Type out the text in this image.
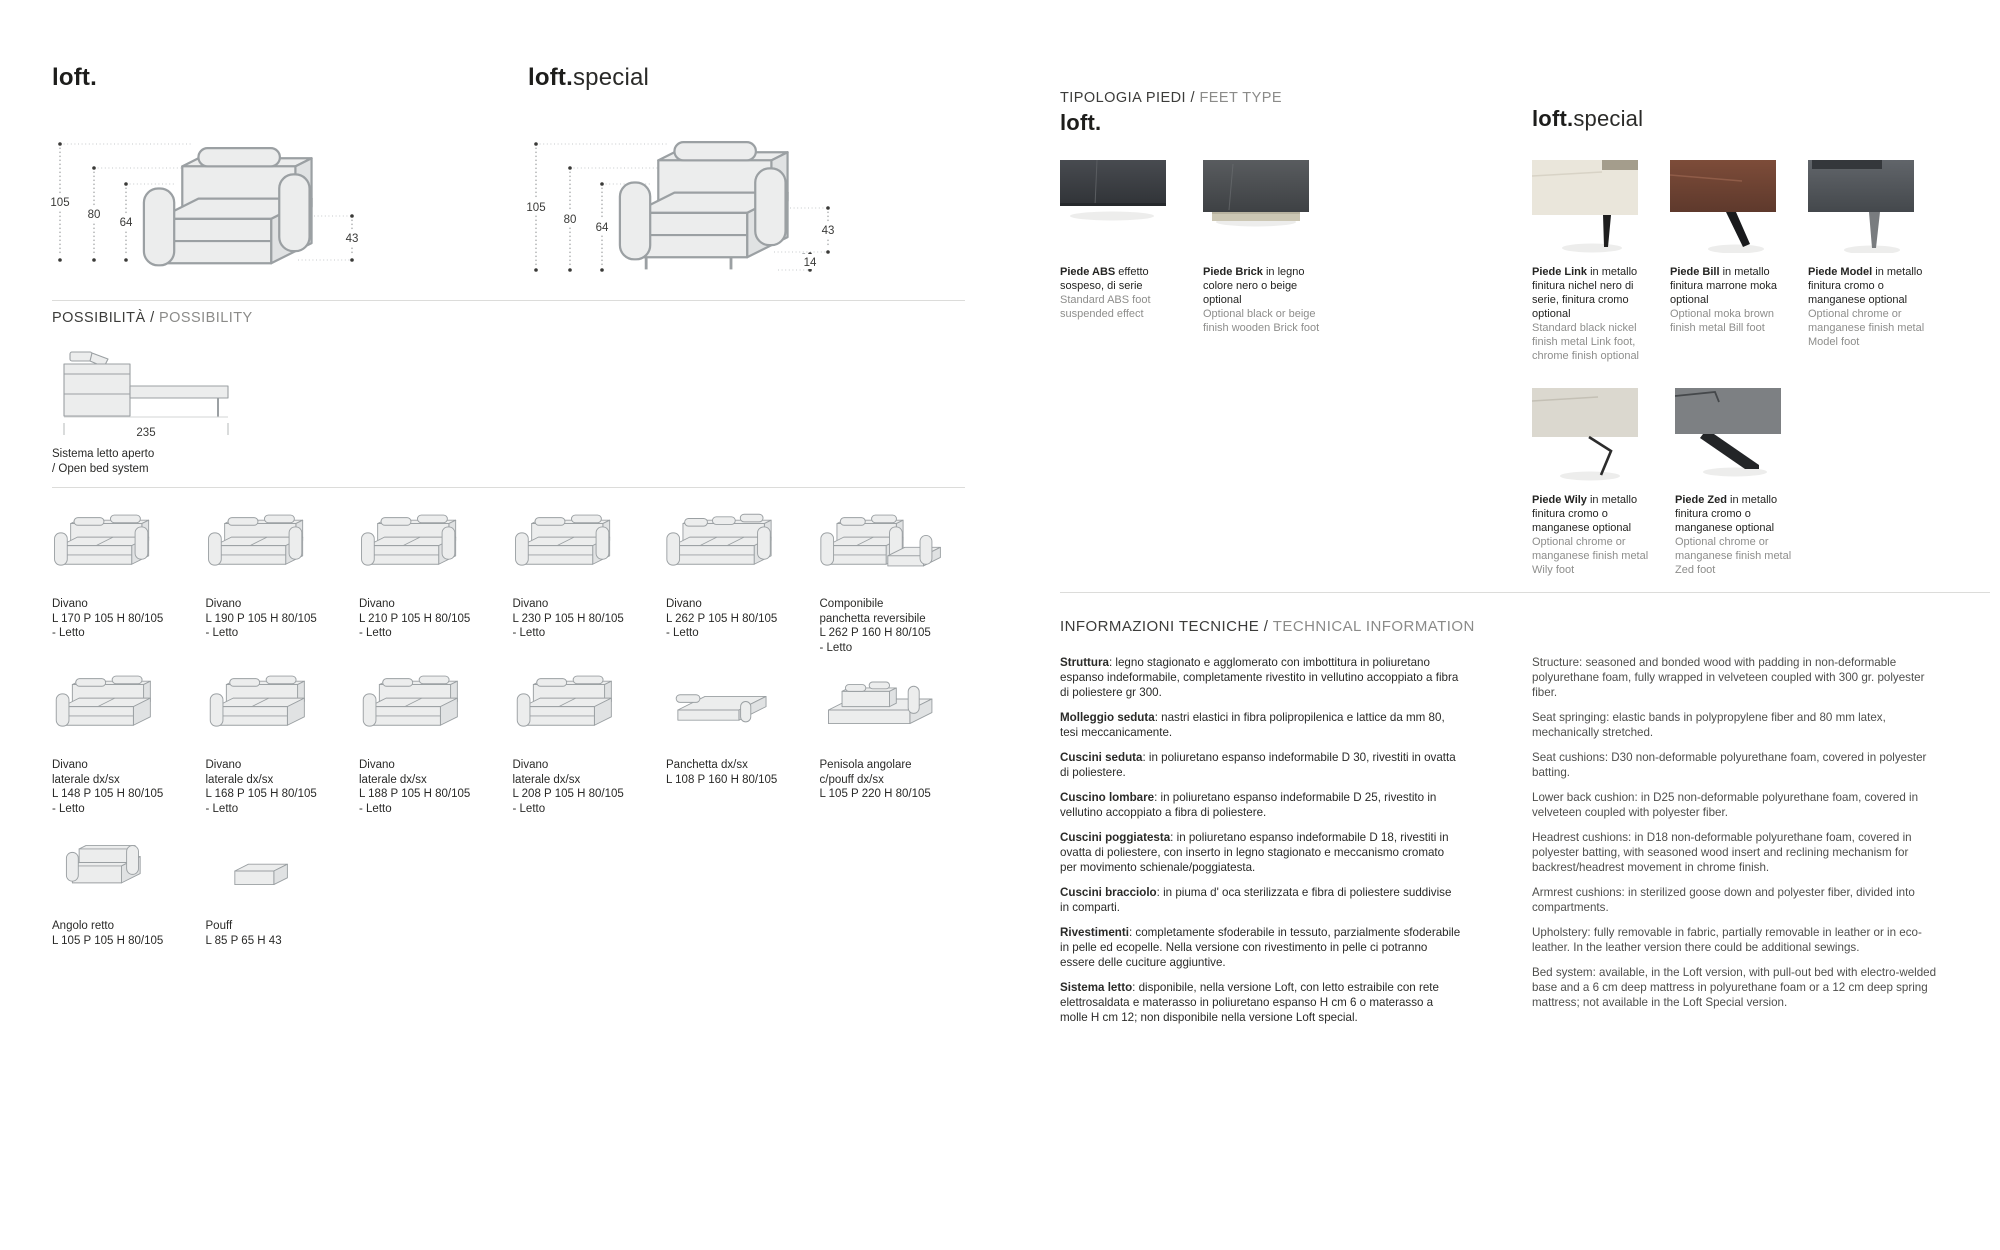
loft.
105
80
64
43
loft.special
105
80
64	43
14
POSSIBILITÀ / POSSIBILITY
235
Sistema letto aperto
/ Open bed system
Divano
L 170 P 105 H 80/105
- Letto
Divano
L 190 P 105 H 80/105
- Letto
Divano
L 210 P 105 H 80/105
- Letto
Divano
L 230 P 105 H 80/105
- Letto
Divano
L 262 P 105 H 80/105
- Letto
Componibile
panchetta reversibile
L 262 P 160 H 80/105
- Letto
Divano
laterale dx/sx
L 148 P 105 H 80/105
- Letto
Divano
laterale dx/sx
L 168 P 105 H 80/105
- Letto
Divano
laterale dx/sx
L 188 P 105 H 80/105
- Letto
Divano
laterale dx/sx
L 208 P 105 H 80/105
- Letto
Panchetta dx/sx
L 108 P 160 H 80/105
Penisola angolare
c/pouff dx/sx
L 105 P 220 H 80/105
Angolo retto
L 105 P 105 H 80/105
Pouff
L 85 P 65 H 43
TIPOLOGIA PIEDI / FEET TYPE
loft.
Piede ABS effetto sospeso, di serie
Standard ABS foot suspended effect
Piede Brick in legno colore nero o beige optional
Optional black or beige finish wooden Brick foot
loft.special
Piede Link in metallo finitura nichel nero di serie, finitura cromo optional
Standard black nickel finish metal Link foot, chrome finish optional
Piede Bill in metallo finitura marrone moka optional
Optional moka brown finish metal Bill foot
Piede Model in metallo finitura cromo o manganese optional
Optional chrome or manganese finish metal Model foot
Piede Wily in metallo finitura cromo o manganese optional
Optional chrome or manganese finish metal Wily foot
Piede Zed in metallo finitura cromo o manganese optional
Optional chrome or manganese finish metal Zed foot
INFORMAZIONI TECNICHE / TECHNICAL INFORMATION

Struttura: legno stagionato e agglomerato con imbottitura in poliuretano espanso indeformabile, completamente rivestito in vellutino accoppiato a fibra di poliestere gr 300.

Molleggio seduta: nastri elastici in fibra polipropilenica e lattice da mm 80, tesi meccanicamente.

Cuscini seduta: in poliuretano espanso indeformabile D 30, rivestiti in ovatta di poliestere.

Cuscino lombare: in poliuretano espanso indeformabile D 25, rivestito in vellutino accoppiato a fibra di poliestere.

Cuscini poggiatesta: in poliuretano espanso indeformabile D 18, rivestiti in ovatta di poliestere, con inserto in legno stagionato e meccanismo cromato per movimento schienale/poggiatesta.

Cuscini bracciolo: in piuma d' oca sterilizzata e fibra di poliestere suddivise in comparti.

Rivestimenti: completamente sfoderabile in tessuto, parzialmente sfoderabile in pelle ed ecopelle. Nella versione con rivestimento in pelle ci potranno essere delle cuciture aggiuntive.

Sistema letto: disponibile, nella versione Loft, con letto estraibile con rete elettrosaldata e materasso in poliuretano espanso H cm 6 o materasso a molle H cm 12; non disponibile nella versione Loft special.

Structure: seasoned and bonded wood with padding in non-deformable polyurethane foam, fully wrapped in velveteen coupled with 300 gr. polyester fiber.

Seat springing: elastic bands in polypropylene fiber and 80 mm latex, mechanically stretched.

Seat cushions: D30 non-deformable polyurethane foam, covered in polyester batting.

Lower back cushion: in D25 non-deformable polyurethane foam, covered in velveteen coupled with polyester fiber.

Headrest cushions: in D18 non-deformable polyurethane foam, covered in polyester batting, with seasoned wood insert and reclining mechanism for backrest/headrest movement in chrome finish.

Armrest cushions: in sterilized goose down and polyester fiber, divided into compartments.

Upholstery: fully removable in fabric, partially removable in leather or in eco-leather. In the leather version there could be additional sewings.

Bed system: available, in the Loft version, with pull-out bed with electro-welded base and a 6 cm deep mattress in polyurethane foam or a 12 cm deep spring mattress; not available in the Loft Special version.
